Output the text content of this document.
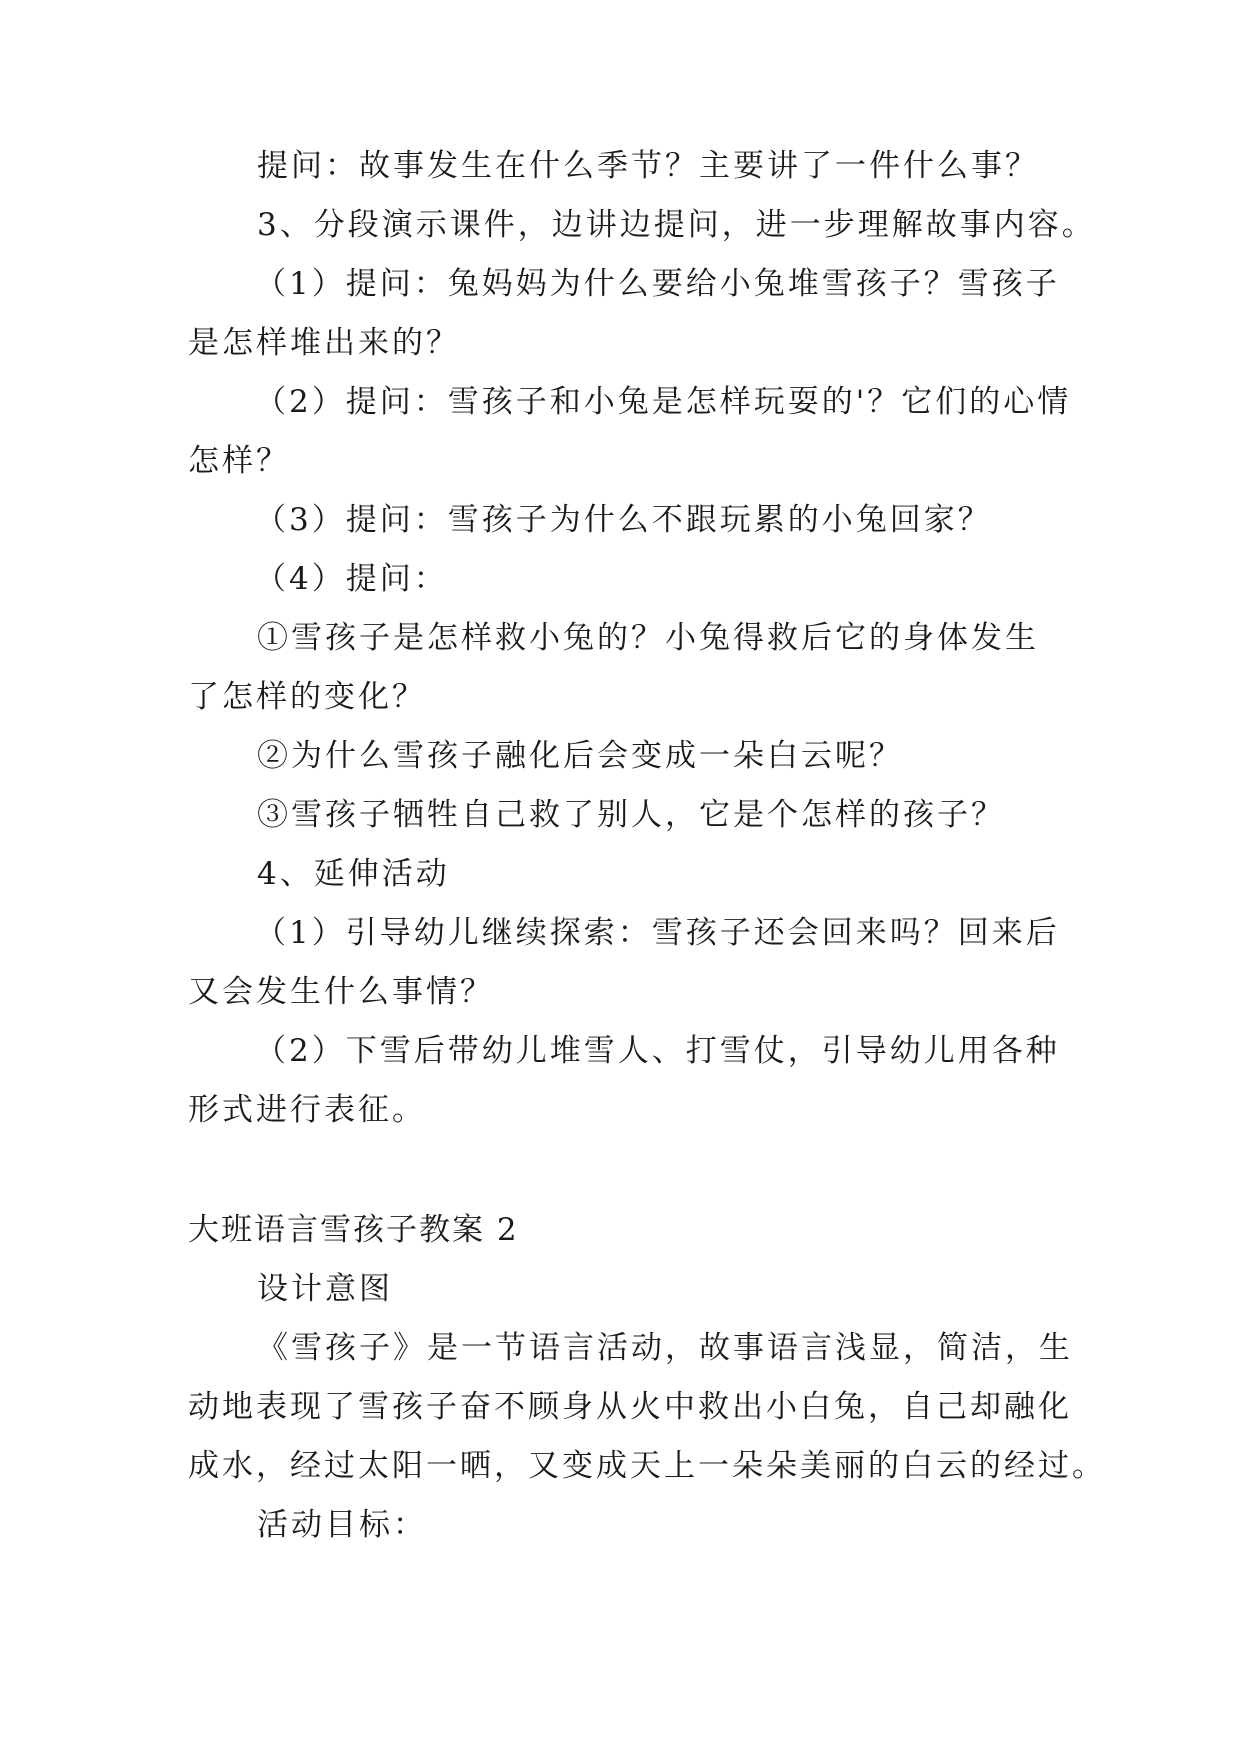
提问：故事发生在什么季节？主要讲了一件什么事？
3、分段演示课件，边讲边提问，进一步理解故事内容。
（1）提问：兔妈妈为什么要给小兔堆雪孩子？雪孩子
是怎样堆出来的？
（2）提问：雪孩子和小兔是怎样玩耍的'？它们的心情
怎样？
（3）提问：雪孩子为什么不跟玩累的小兔回家？
（4）提问：
①雪孩子是怎样救小兔的？小兔得救后它的身体发生
了怎样的变化？
②为什么雪孩子融化后会变成一朵白云呢？
③雪孩子牺牲自己救了别人，它是个怎样的孩子？
4、延伸活动
（1）引导幼儿继续探索：雪孩子还会回来吗？回来后
又会发生什么事情？
（2）下雪后带幼儿堆雪人、打雪仗，引导幼儿用各种
形式进行表征。
大班语言雪孩子教案 2
设计意图
《雪孩子》是一节语言活动，故事语言浅显，简洁，生
动地表现了雪孩子奋不顾身从火中救出小白兔，自己却融化
成水，经过太阳一晒，又变成天上一朵朵美丽的白云的经过。
活动目标：
